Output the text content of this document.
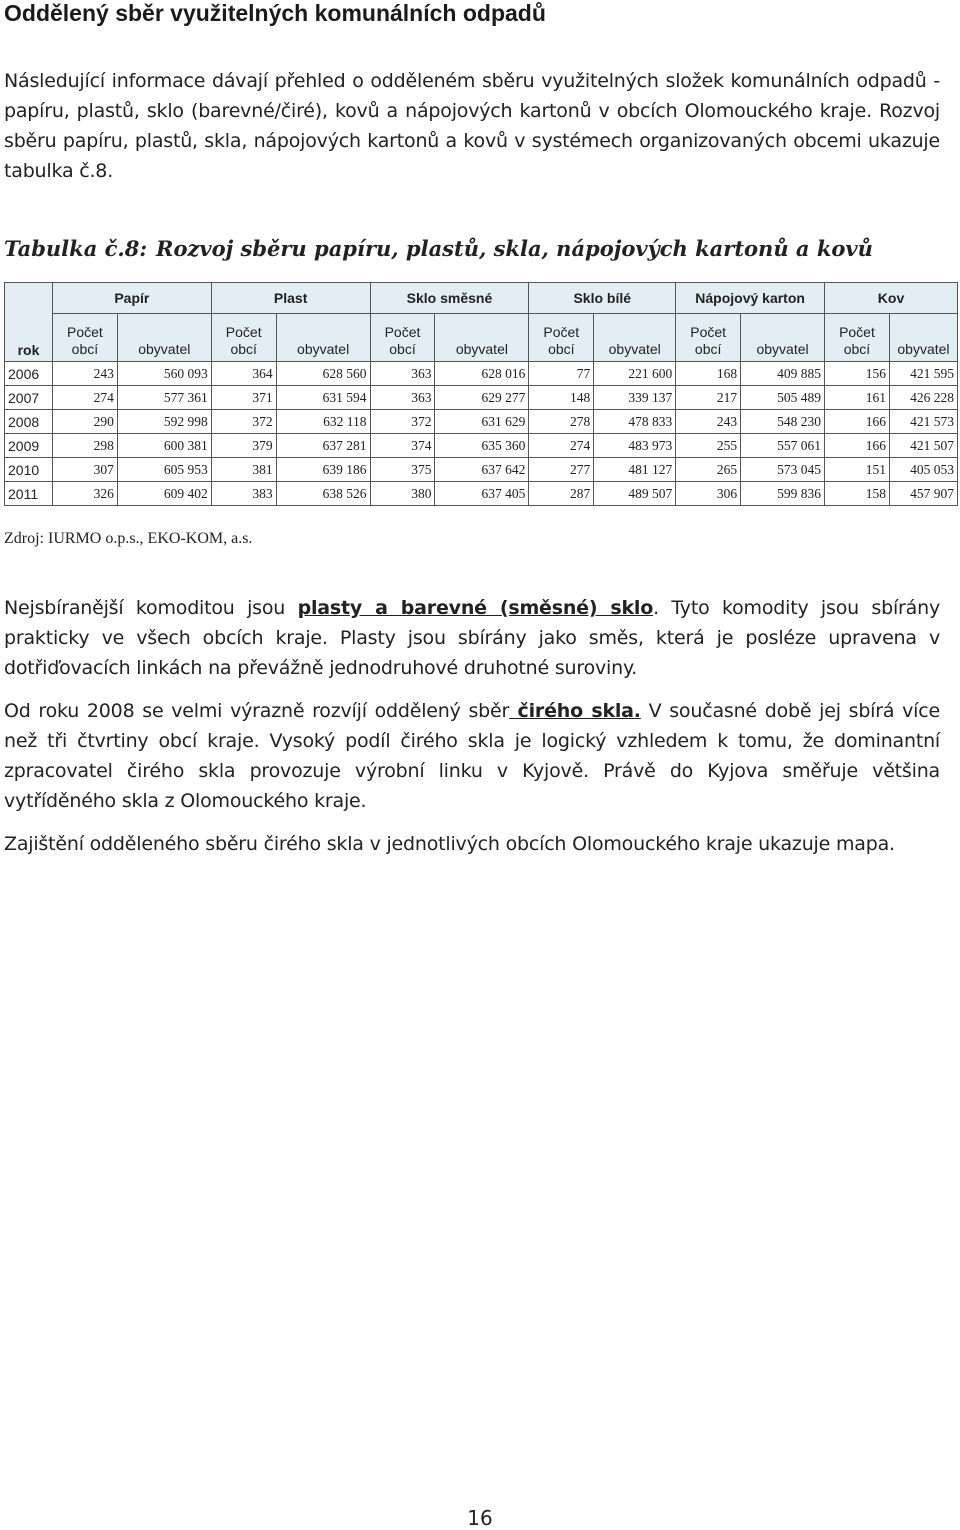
Oddělený sběr využitelných komunálních odpadů

Následující informace dávají přehled o odděleném sběru využitelných složek komunálních odpadů - papíru, plastů, sklo (barevné/čiré), kovů a nápojových kartonů v obcích Olomouckého kraje. Rozvoj sběru papíru, plastů, skla, nápojových kartonů a kovů v systémech organizovaných obcemi ukazuje tabulka č.8.

Tabulka č.8: Rozvoj sběru papíru, plastů, skla, nápojových kartonů a kovů
rok	Papír		Plast		Sklo směsné		Sklo bílé		Nápojový karton		Kov	
	Počet obcí	obyvatel	Počet obcí	obyvatel	Počet obcí	obyvatel	Počet obcí	obyvatel	Počet obcí	obyvatel	Počet obcí	obyvatel
2006	243	560 093	364	628 560	363	628 016	77	221 600	168	409 885	156	421 595
2007	274	577 361	371	631 594	363	629 277	148	339 137	217	505 489	161	426 228
2008	290	592 998	372	632 118	372	631 629	278	478 833	243	548 230	166	421 573
2009	298	600 381	379	637 281	374	635 360	274	483 973	255	557 061	166	421 507
2010	307	605 953	381	639 186	375	637 642	277	481 127	265	573 045	151	405 053
2011	326	609 402	383	638 526	380	637 405	287	489 507	306	599 836	158	457 907
Zdroj: IURMO o.p.s., EKO-KOM, a.s.

Nejsbíranější komoditou jsou plasty a barevné (směsné) sklo. Tyto komodity jsou sbírány prakticky ve všech obcích kraje. Plasty jsou sbírány jako směs, která je posléze upravena v dotřiďovacích linkách na převážně jednodruhové druhotné suroviny.

Od roku 2008 se velmi výrazně rozvíjí oddělený sběr čirého skla. V současné době jej sbírá více než tři čtvrtiny obcí kraje. Vysoký podíl čirého skla je logický vzhledem k tomu, že dominantní zpracovatel čirého skla provozuje výrobní linku v Kyjově. Právě do Kyjova směřuje většina vytříděného skla z Olomouckého kraje.

Zajištění odděleného sběru čirého skla v jednotlivých obcích Olomouckého kraje ukazuje mapa.

16
